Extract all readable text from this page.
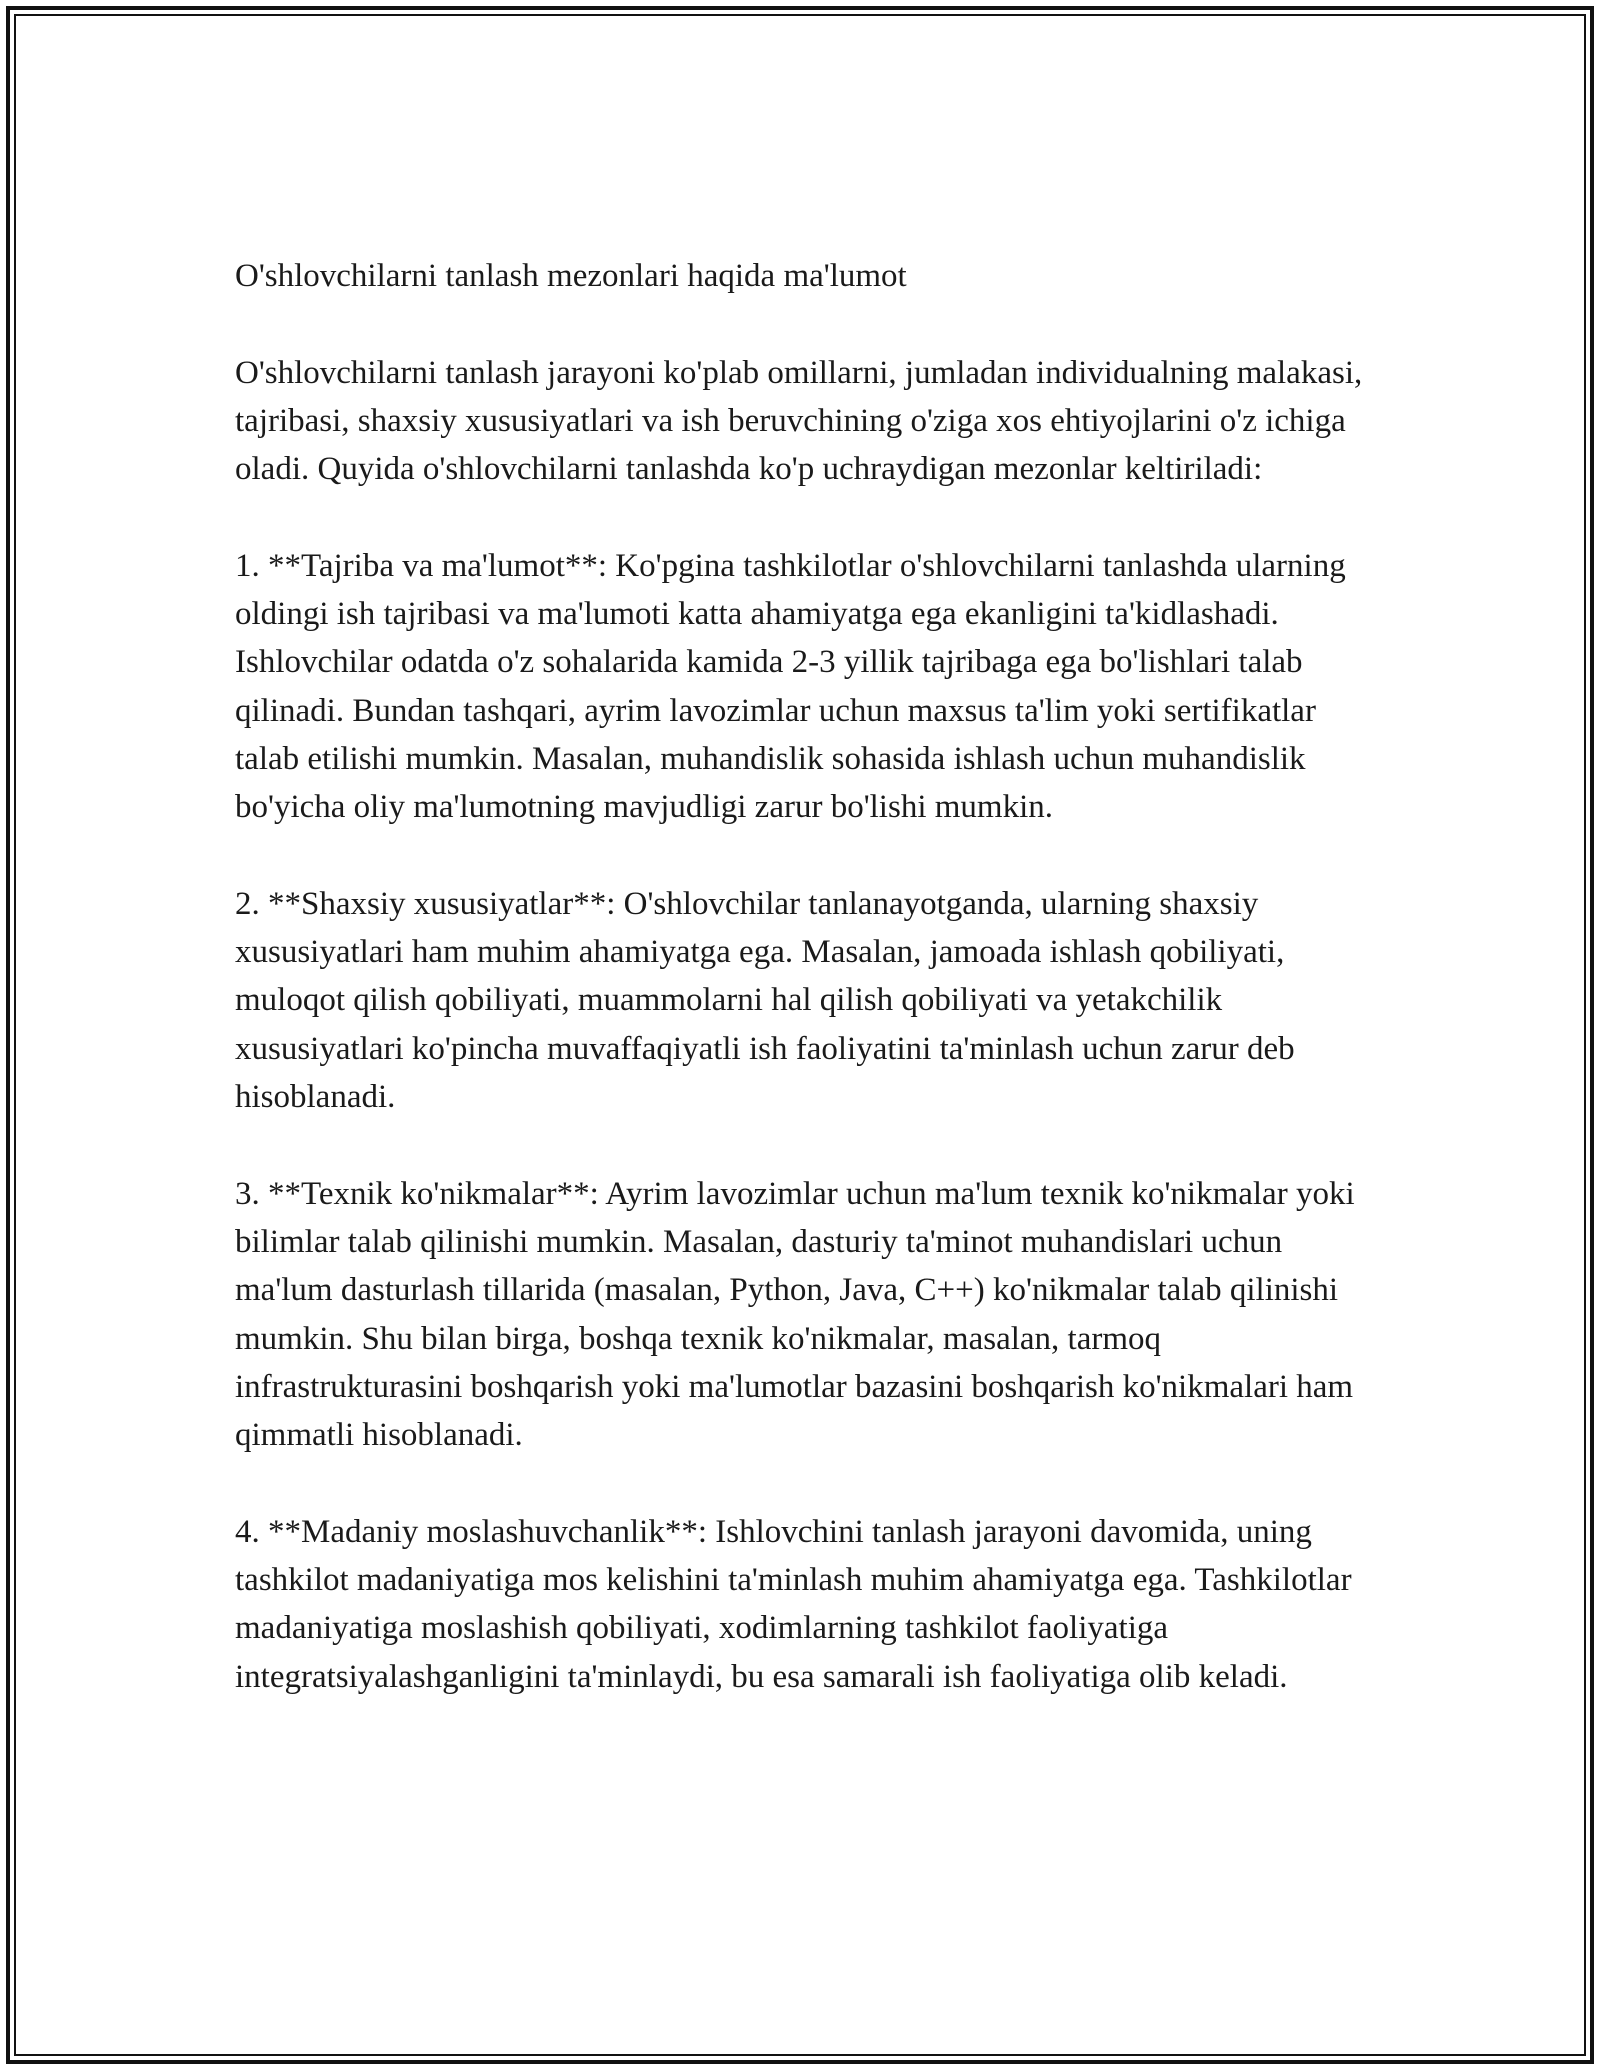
O'shlovchilarni tanlash mezonlari haqida ma'lumot

O'shlovchilarni tanlash jarayoni ko'plab omillarni, jumladan individualning malakasi, tajribasi, shaxsiy xususiyatlari va ish beruvchining o'ziga xos ehtiyojlarini o'z ichiga oladi. Quyida o'shlovchilarni tanlashda ko'p uchraydigan mezonlar keltiriladi:

1. **Tajriba va ma'lumot**: Ko'pgina tashkilotlar o'shlovchilarni tanlashda ularning oldingi ish tajribasi va ma'lumoti katta ahamiyatga ega ekanligini ta'kidlashadi. Ishlovchilar odatda o'z sohalarida kamida 2-3 yillik tajribaga ega bo'lishlari talab qilinadi. Bundan tashqari, ayrim lavozimlar uchun maxsus ta'lim yoki sertifikatlar talab etilishi mumkin. Masalan, muhandislik sohasida ishlash uchun muhandislik bo'yicha oliy ma'lumotning mavjudligi zarur bo'lishi mumkin.

2. **Shaxsiy xususiyatlar**: O'shlovchilar tanlanayotganda, ularning shaxsiy xususiyatlari ham muhim ahamiyatga ega. Masalan, jamoada ishlash qobiliyati, muloqot qilish qobiliyati, muammolarni hal qilish qobiliyati va yetakchilik xususiyatlari ko'pincha muvaffaqiyatli ish faoliyatini ta'minlash uchun zarur deb hisoblanadi.

3. **Texnik ko'nikmalar**: Ayrim lavozimlar uchun ma'lum texnik ko'nikmalar yoki bilimlar talab qilinishi mumkin. Masalan, dasturiy ta'minot muhandislari uchun ma'lum dasturlash tillarida (masalan, Python, Java, C++) ko'nikmalar talab qilinishi mumkin. Shu bilan birga, boshqa texnik ko'nikmalar, masalan, tarmoq infrastrukturasini boshqarish yoki ma'lumotlar bazasini boshqarish ko'nikmalari ham qimmatli hisoblanadi.

4. **Madaniy moslashuvchanlik**: Ishlovchini tanlash jarayoni davomida, uning tashkilot madaniyatiga mos kelishini ta'minlash muhim ahamiyatga ega. Tashkilotlar madaniyatiga moslashish qobiliyati, xodimlarning tashkilot faoliyatiga integratsiyalashganligini ta'minlaydi, bu esa samarali ish faoliyatiga olib keladi.
